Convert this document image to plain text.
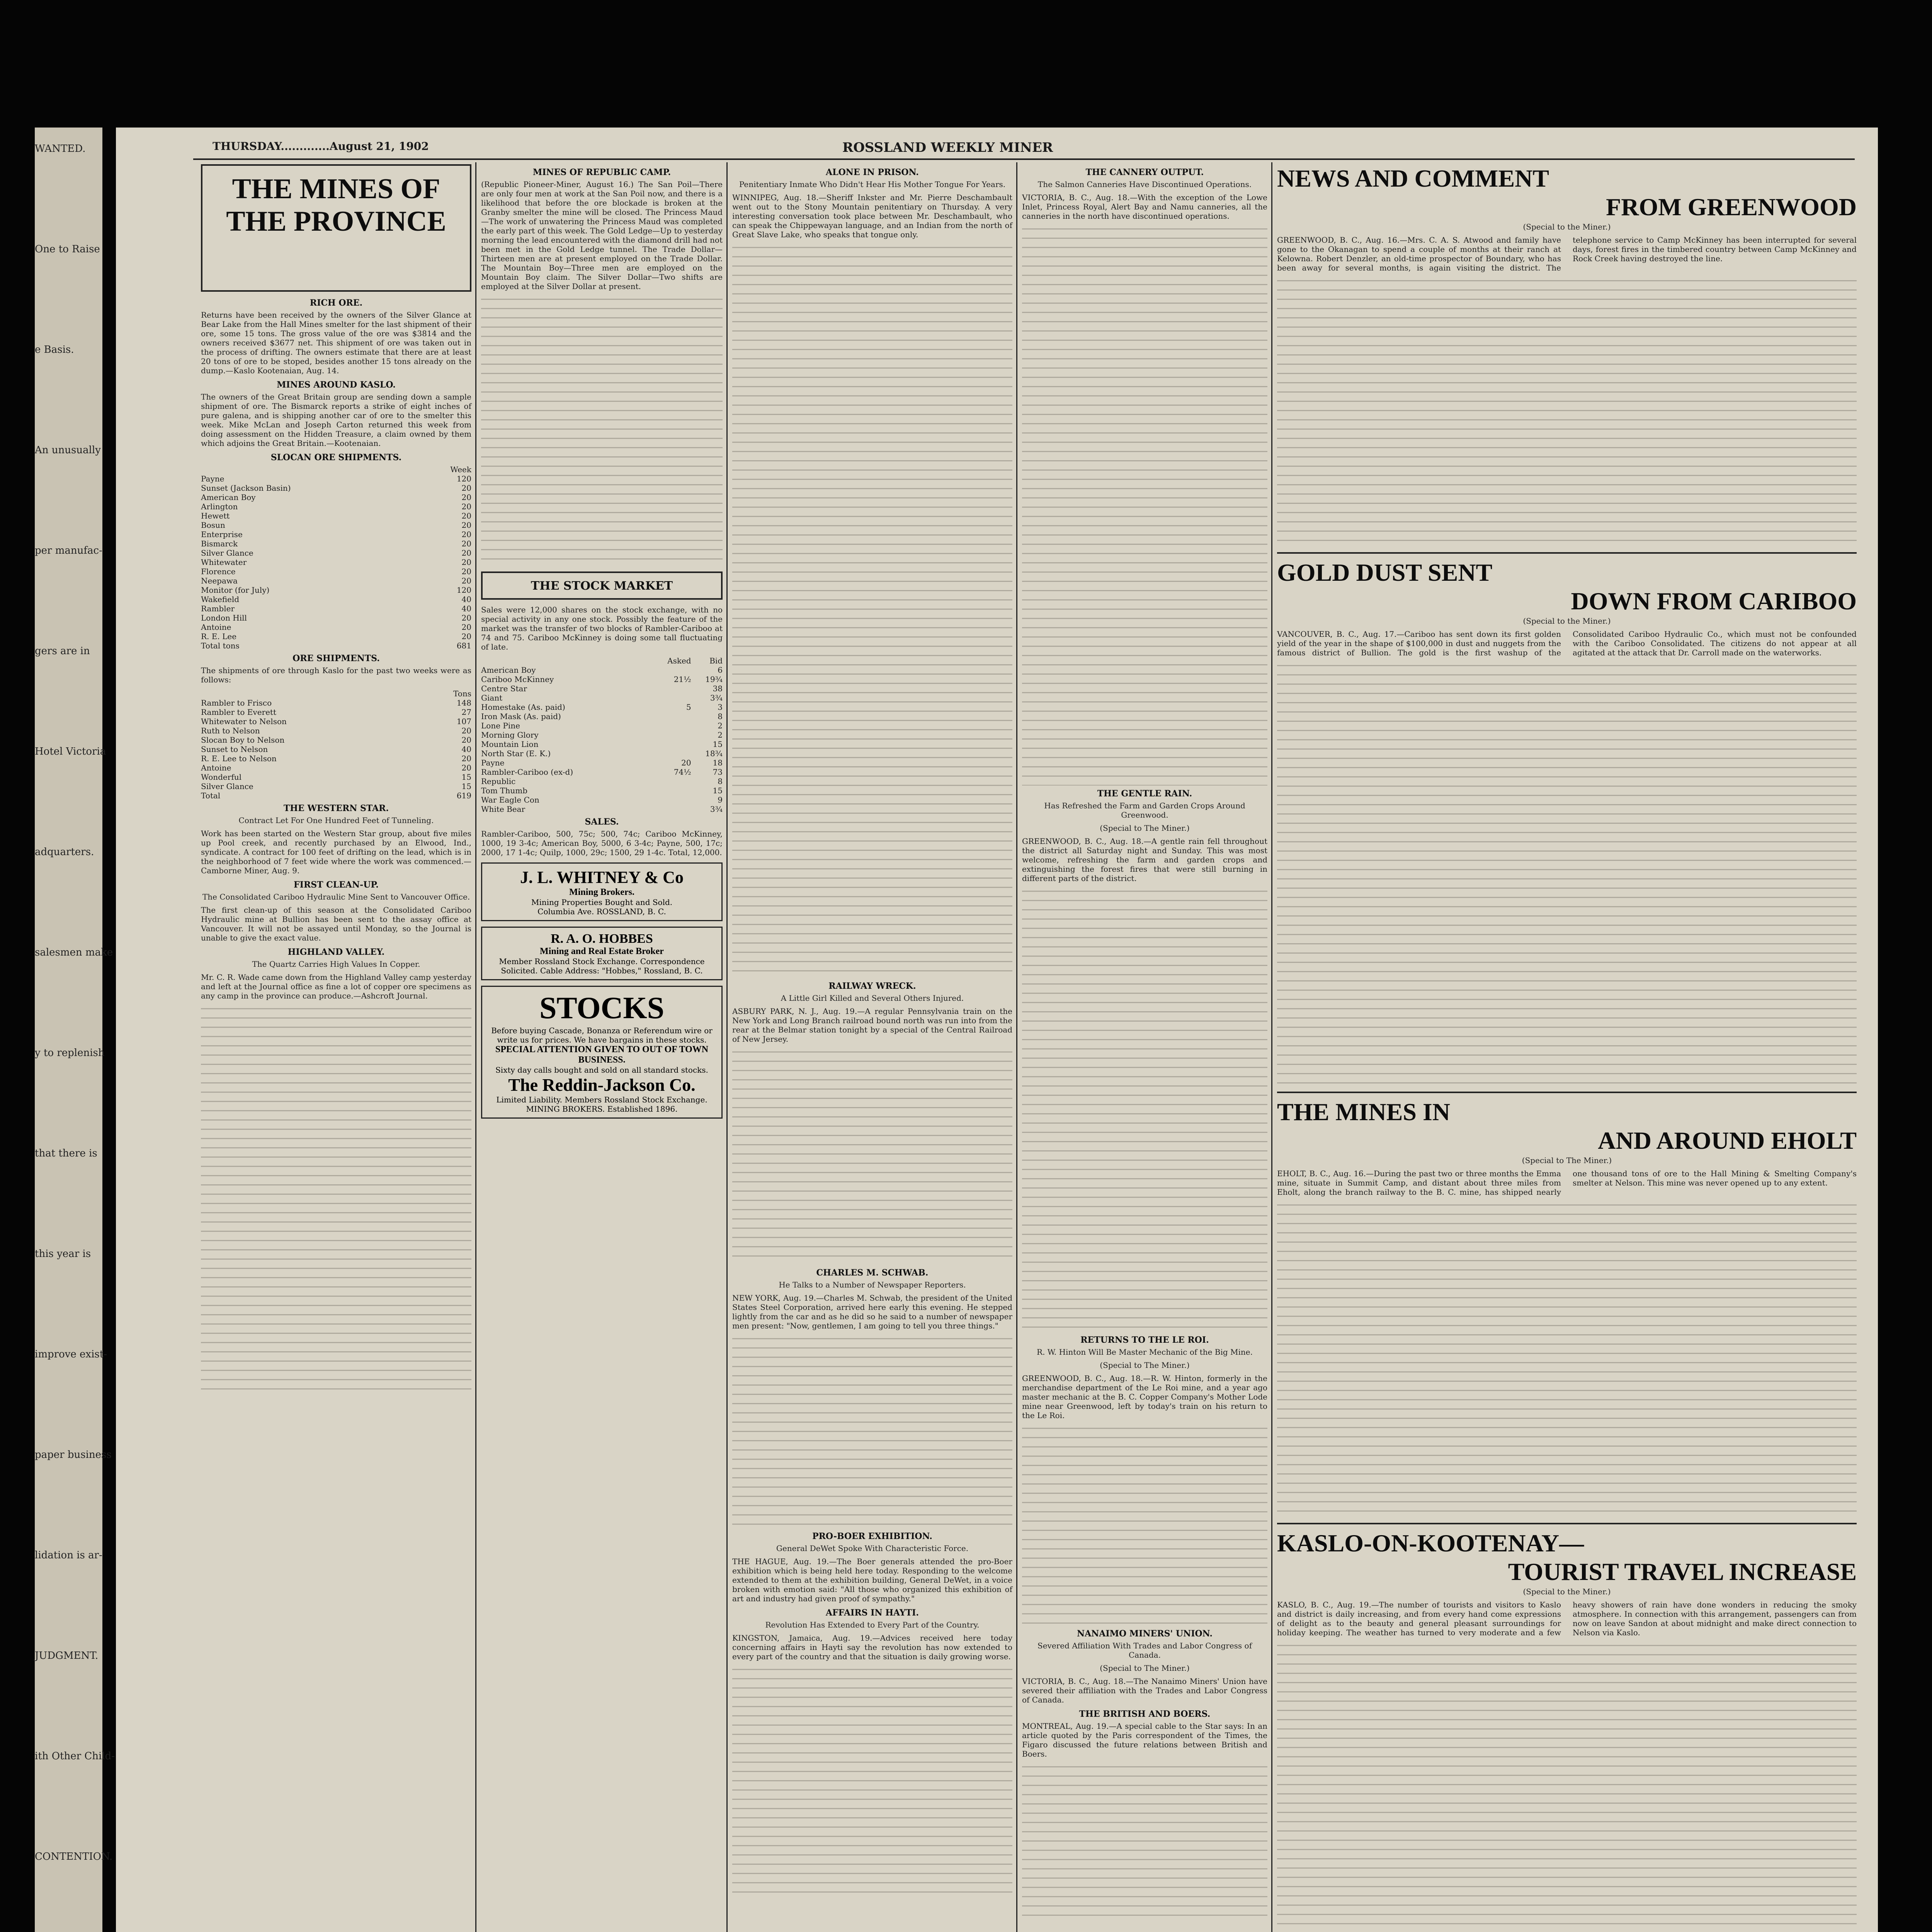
WANTED.
One to Raise
e Basis.
An unusually
per manufac-
gers are in
Hotel Victoria
adquarters.
salesmen make
y to replenish
that there is
this year is
improve exist-
paper business
lidation is ar-
JUDGMENT.
ith Other Child-
CONTENTION.
THURSDAY.............August 21, 1902	ROSSLAND WEEKLY MINER
THE MINES OF THE PROVINCE
RICH ORE.

Returns have been received by the owners of the Silver Glance at Bear Lake from the Hall Mines smelter for the last shipment of their ore, some 15 tons. The gross value of the ore was $3814 and the owners received $3677 net. This shipment of ore was taken out in the process of drifting. The owners estimate that there are at least 20 tons of ore to be stoped, besides another 15 tons already on the dump.—Kaslo Kootenaian, Aug. 14.

MINES AROUND KASLO.

The owners of the Great Britain group are sending down a sample shipment of ore. The Bismarck reports a strike of eight inches of pure galena, and is shipping another car of ore to the smelter this week. Mike McLan and Joseph Carton returned this week from doing assessment on the Hidden Treasure, a claim owned by them which adjoins the Great Britain.—Kootenaian.

SLOCAN ORE SHIPMENTS.
	Week
Payne	120
Sunset (Jackson Basin)	20
American Boy	20
Arlington	20
Hewett	20
Bosun	20
Enterprise	20
Bismarck	20
Silver Glance	20
Whitewater	20
Florence	20
Neepawa	20
Monitor (for July)	120
Wakefield	40
Rambler	40
London Hill	20
Antoine	20
R. E. Lee	20
Total tons	681
ORE SHIPMENTS.

The shipments of ore through Kaslo for the past two weeks were as follows:

	Tons
Rambler to Frisco	148
Rambler to Everett	27
Whitewater to Nelson	107
Ruth to Nelson	20
Slocan Boy to Nelson	20
Sunset to Nelson	40
R. E. Lee to Nelson	20
Antoine	20
Wonderful	15
Silver Glance	15
Total	619
THE WESTERN STAR.
Contract Let For One Hundred Feet of Tunneling.

Work has been started on the Western Star group, about five miles up Pool creek, and recently purchased by an Elwood, Ind., syndicate. A contract for 100 feet of drifting on the lead, which is in the neighborhood of 7 feet wide where the work was commenced.—Camborne Miner, Aug. 9.

FIRST CLEAN-UP.
The Consolidated Cariboo Hydraulic Mine Sent to Vancouver Office.

The first clean-up of this season at the Consolidated Cariboo Hydraulic mine at Bullion has been sent to the assay office at Vancouver. It will not be assayed until Monday, so the Journal is unable to give the exact value.

HIGHLAND VALLEY.
The Quartz Carries High Values In Copper.

Mr. C. R. Wade came down from the Highland Valley camp yesterday and left at the Journal office as fine a lot of copper ore specimens as any camp in the province can produce.—Ashcroft Journal.

MINES OF REPUBLIC CAMP.

(Republic Pioneer-Miner, August 16.) The San Poil—There are only four men at work at the San Poil now, and there is a likelihood that before the ore blockade is broken at the Granby smelter the mine will be closed. The Princess Maud—The work of unwatering the Princess Maud was completed the early part of this week. The Gold Ledge—Up to yesterday morning the lead encountered with the diamond drill had not been met in the Gold Ledge tunnel. The Trade Dollar—Thirteen men are at present employed on the Trade Dollar. The Mountain Boy—Three men are employed on the Mountain Boy claim. The Silver Dollar—Two shifts are employed at the Silver Dollar at present.

THE STOCK MARKET

Sales were 12,000 shares on the stock exchange, with no special activity in any one stock. Possibly the feature of the market was the transfer of two blocks of Rambler-Cariboo at 74 and 75. Cariboo McKinney is doing some tall fluctuating of late.

	Asked	Bid
American Boy		6
Cariboo McKinney	21½	19¾
Centre Star		38
Giant		3¾
Homestake (As. paid)	5	3
Iron Mask (As. paid)		8
Lone Pine		2
Morning Glory		2
Mountain Lion		15
North Star (E. K.)		18¾
Payne	20	18
Rambler-Cariboo (ex-d)	74½	73
Republic		8
Tom Thumb		15
War Eagle Con		9
White Bear		3¾
SALES.

Rambler-Cariboo, 500, 75c; 500, 74c; Cariboo McKinney, 1000, 19 3-4c; American Boy, 5000, 6 3-4c; Payne, 500, 17c; 2000, 17 1-4c; Quilp, 1000, 29c; 1500, 29 1-4c. Total, 12,000.

J. L. WHITNEY & Co
Mining Brokers.
Mining Properties Bought and Sold.
Columbia Ave. ROSSLAND, B. C.
R. A. O. HOBBES
Mining and Real Estate Broker
Member Rossland Stock Exchange. Correspondence Solicited. Cable Address: "Hobbes," Rossland, B. C.
STOCKS
Before buying Cascade, Bonanza or Referendum wire or write us for prices. We have bargains in these stocks.
SPECIAL ATTENTION GIVEN TO OUT OF TOWN BUSINESS.
Sixty day calls bought and sold on all standard stocks.
The Reddin-Jackson Co.
Limited Liability. Members Rossland Stock Exchange. MINING BROKERS. Established 1896.
ALONE IN PRISON.
Penitentiary Inmate Who Didn't Hear His Mother Tongue For Years.

WINNIPEG, Aug. 18.—Sheriff Inkster and Mr. Pierre Deschambault went out to the Stony Mountain penitentiary on Thursday. A very interesting conversation took place between Mr. Deschambault, who can speak the Chippewayan language, and an Indian from the north of Great Slave Lake, who speaks that tongue only.

RAILWAY WRECK.
A Little Girl Killed and Several Others Injured.

ASBURY PARK, N. J., Aug. 19.—A regular Pennsylvania train on the New York and Long Branch railroad bound north was run into from the rear at the Belmar station tonight by a special of the Central Railroad of New Jersey.

CHARLES M. SCHWAB.
He Talks to a Number of Newspaper Reporters.

NEW YORK, Aug. 19.—Charles M. Schwab, the president of the United States Steel Corporation, arrived here early this evening. He stepped lightly from the car and as he did so he said to a number of newspaper men present: "Now, gentlemen, I am going to tell you three things."

PRO-BOER EXHIBITION.
General DeWet Spoke With Characteristic Force.

THE HAGUE, Aug. 19.—The Boer generals attended the pro-Boer exhibition which is being held here today. Responding to the welcome extended to them at the exhibition building, General DeWet, in a voice broken with emotion said: "All those who organized this exhibition of art and industry had given proof of sympathy."

AFFAIRS IN HAYTI.
Revolution Has Extended to Every Part of the Country.

KINGSTON, Jamaica, Aug. 19.—Advices received here today concerning affairs in Hayti say the revolution has now extended to every part of the country and that the situation is daily growing worse.

THE CANNERY OUTPUT.
The Salmon Canneries Have Discontinued Operations.

VICTORIA, B. C., Aug. 18.—With the exception of the Lowe Inlet, Princess Royal, Alert Bay and Namu canneries, all the canneries in the north have discontinued operations.

THE GENTLE RAIN.
Has Refreshed the Farm and Garden Crops Around Greenwood.
(Special to The Miner.)

GREENWOOD, B. C., Aug. 18.—A gentle rain fell throughout the district all Saturday night and Sunday. This was most welcome, refreshing the farm and garden crops and extinguishing the forest fires that were still burning in different parts of the district.

RETURNS TO THE LE ROI.
R. W. Hinton Will Be Master Mechanic of the Big Mine.
(Special to The Miner.)

GREENWOOD, B. C., Aug. 18.—R. W. Hinton, formerly in the merchandise department of the Le Roi mine, and a year ago master mechanic at the B. C. Copper Company's Mother Lode mine near Greenwood, left by today's train on his return to the Le Roi.

NANAIMO MINERS' UNION.
Severed Affiliation With Trades and Labor Congress of Canada.
(Special to The Miner.)

VICTORIA, B. C., Aug. 18.—The Nanaimo Miners' Union have severed their affiliation with the Trades and Labor Congress of Canada.

THE BRITISH AND BOERS.

MONTREAL, Aug. 19.—A special cable to the Star says: In an article quoted by the Paris correspondent of the Times, the Figaro discussed the future relations between British and Boers.

NEWS AND COMMENT
FROM GREENWOOD
(Special to the Miner.)

GREENWOOD, B. C., Aug. 16.—Mrs. C. A. S. Atwood and family have gone to the Okanagan to spend a couple of months at their ranch at Kelowna. Robert Denzler, an old-time prospector of Boundary, who has been away for several months, is again visiting the district. The telephone service to Camp McKinney has been interrupted for several days, forest fires in the timbered country between Camp McKinney and Rock Creek having destroyed the line.

GOLD DUST SENT
DOWN FROM CARIBOO
(Special to the Miner.)

VANCOUVER, B. C., Aug. 17.—Cariboo has sent down its first golden yield of the year in the shape of $100,000 in dust and nuggets from the famous district of Bullion. The gold is the first washup of the Consolidated Cariboo Hydraulic Co., which must not be confounded with the Cariboo Consolidated. The citizens do not appear at all agitated at the attack that Dr. Carroll made on the waterworks.

THE MINES IN
AND AROUND EHOLT
(Special to The Miner.)

EHOLT, B. C., Aug. 16.—During the past two or three months the Emma mine, situate in Summit Camp, and distant about three miles from Eholt, along the branch railway to the B. C. mine, has shipped nearly one thousand tons of ore to the Hall Mining & Smelting Company's smelter at Nelson. This mine was never opened up to any extent.

KASLO-ON-KOOTENAY—
TOURIST TRAVEL INCREASE
(Special to the Miner.)

KASLO, B. C., Aug. 19.—The number of tourists and visitors to Kaslo and district is daily increasing, and from every hand come expressions of delight as to the beauty and general pleasant surroundings for holiday keeping. The weather has turned to very moderate and a few heavy showers of rain have done wonders in reducing the smoky atmosphere. In connection with this arrangement, passengers can from now on leave Sandon at about midnight and make direct connection to Nelson via Kaslo.
